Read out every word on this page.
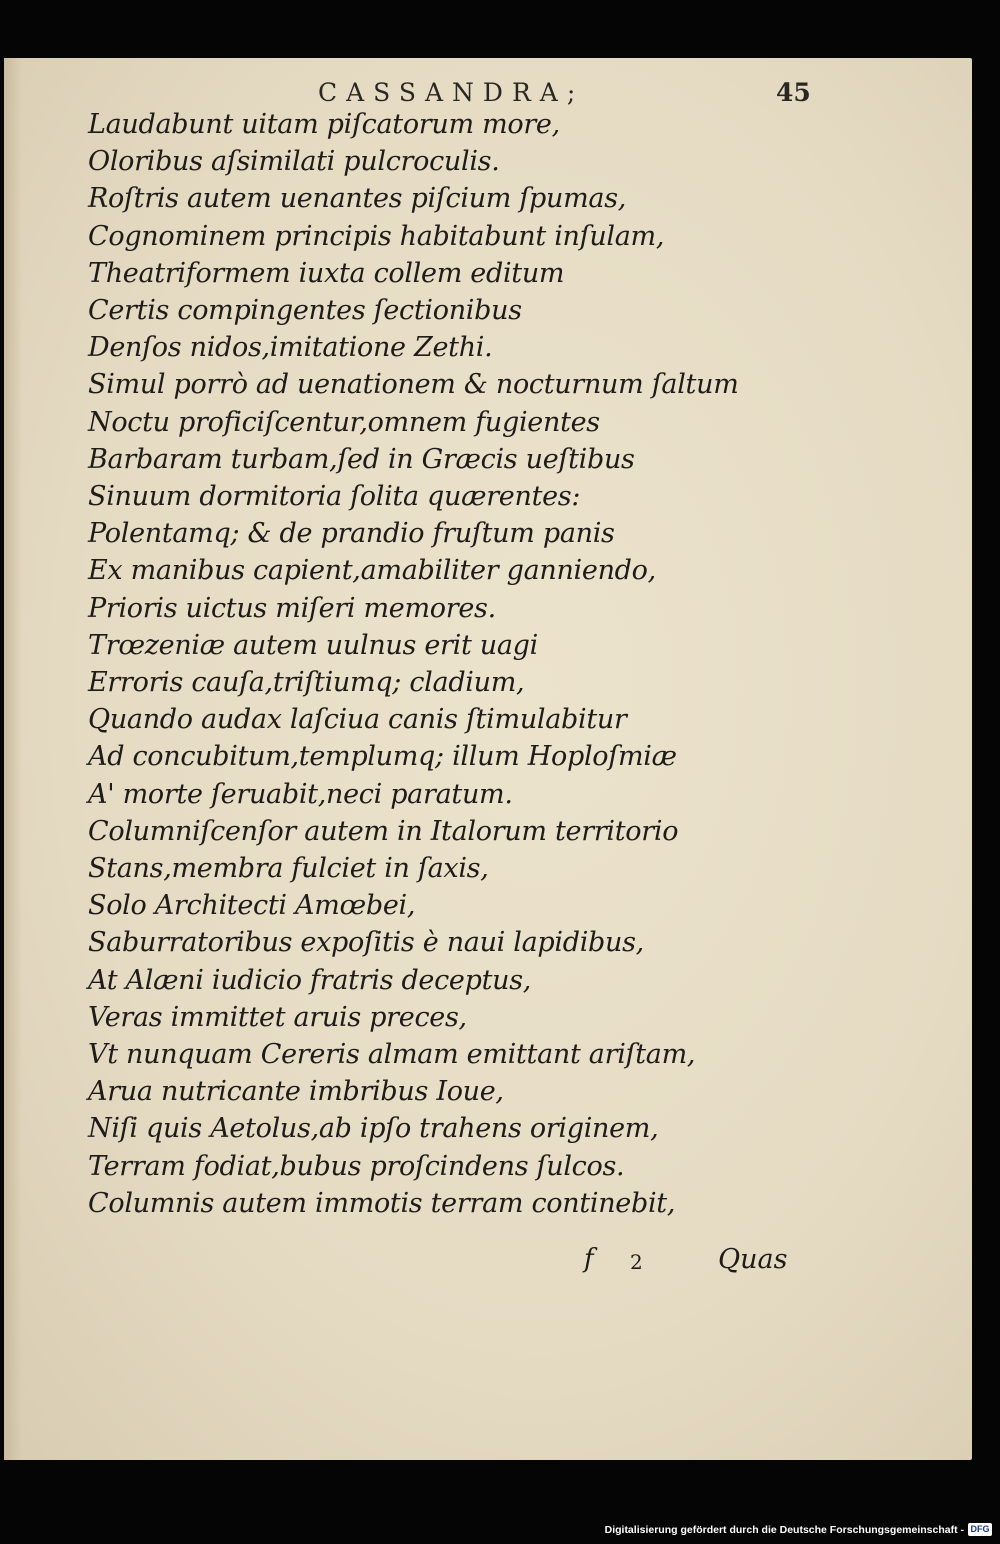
CASSANDRA;	45
Laudabunt uitam piſcatorum more,
Oloribus aſsimilati pulcroculis.
Roſtris autem uenantes piſcium ſpumas,
Cognominem principis habitabunt inſulam,
Theatriformem iuxta collem editum
Certis compingentes ſectionibus
Denſos nidos,imitatione Zethi.
Simul porrò ad uenationem & nocturnum ſaltum
Noctu proficiſcentur,omnem fugientes
Barbaram turbam,ſed in Græcis ueſtibus
Sinuum dormitoria ſolita quærentes:
Polentamq; & de prandio fruſtum panis
Ex manibus capient,amabiliter ganniendo,
Prioris uictus miſeri memores.
Trœzeniæ autem uulnus erit uagi
Erroris cauſa,triſtiumq; cladium,
Quando audax laſciua canis ſtimulabitur
Ad concubitum,templumq; illum Hoploſmiæ
A' morte ſeruabit,neci paratum.
Columniſcenſor autem in Italorum territorio
Stans,membra fulciet in ſaxis,
Solo Architecti Amœbei,
Saburratoribus expoſitis è naui lapidibus,
At Alæni iudicio fratris deceptus,
Veras immittet aruis preces,
Vt nunquam Cereris almam emittant ariſtam,
Arua nutricante imbribus Ioue,
Niſi quis Aetolus,ab ipſo trahens originem,
Terram fodiat,bubus proſcindens ſulcos.
Columnis autem immotis terram continebit,
f 2	Quas
Digitalisierung gefördert durch die Deutsche Forschungsgemeinschaft - DFG
